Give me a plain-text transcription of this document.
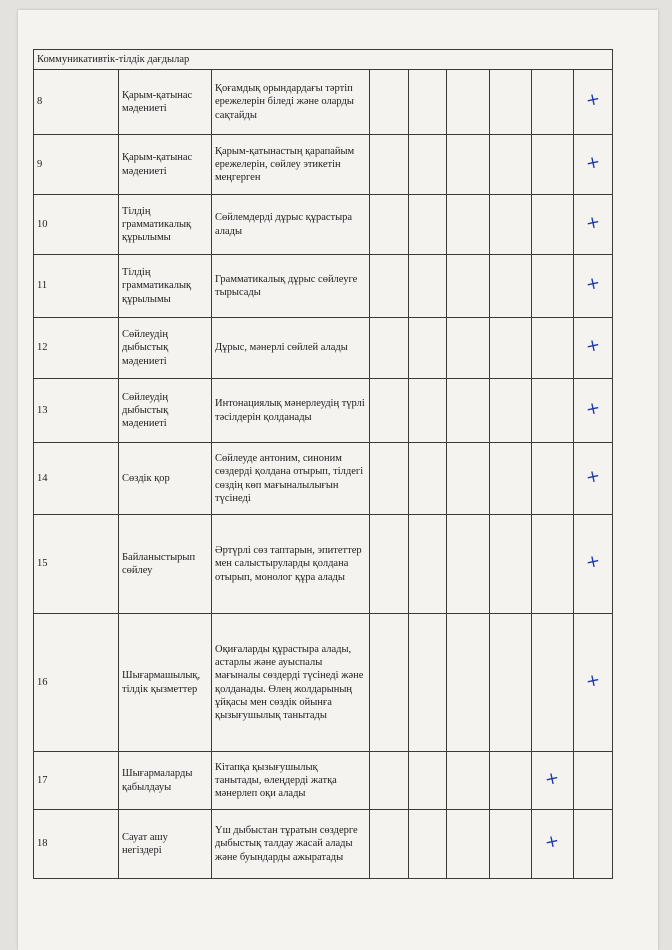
Коммуникативтік-тілдік дағдылар								
8	Қарым-қатынас мәдениеті	Қоғамдық орындардағы тәртіп ережелерін біледі және оларды сақтайды						+
9	Қарым-қатынас мәдениеті	Қарым-қатынастың қарапайым ережелерін, сөйлеу этикетін меңгерген						+
10	Тілдің грамматикалық құрылымы	Сөйлемдерді дұрыс құрастыра алады						+
11	Тілдің грамматикалық құрылымы	Грамматикалық дұрыс сөйлеуге тырысады						+
12	Сөйлеудің дыбыстық мәдениеті	Дұрыс, мәнерлі сөйлей алады						+
13	Сөйлеудің дыбыстық мәдениеті	Интонациялық мәнерлеудің түрлі тәсілдерін қолданады						+
14	Сөздік қор	Сөйлеуде антоним, синоним сөздерді қолдана отырып, тілдегі сөздің көп мағыналылығын түсінеді						+
15	Байланыстырып сөйлеу	Әртүрлі сөз таптарын, эпитеттер мен салыстыруларды қолдана отырып, монолог құра алады						+
16	Шығармашылық, тілдік қызметтер	Оқиғаларды құрастыра алады, астарлы және ауыспалы мағыналы сөздерді түсінеді және қолданады. Өлең жолдарының ұйқасы мен сөздік ойынға қызығушылық танытады						+
17	Шығармаларды қабылдауы	Кітапқа қызығушылық танытады, өлеңдерді жатқа мәнерлеп оқи алады					+	
18	Сауат ашу негіздері	Үш дыбыстан тұратын сөздерге дыбыстық талдау жасай алады және буындарды ажыратады					+	
